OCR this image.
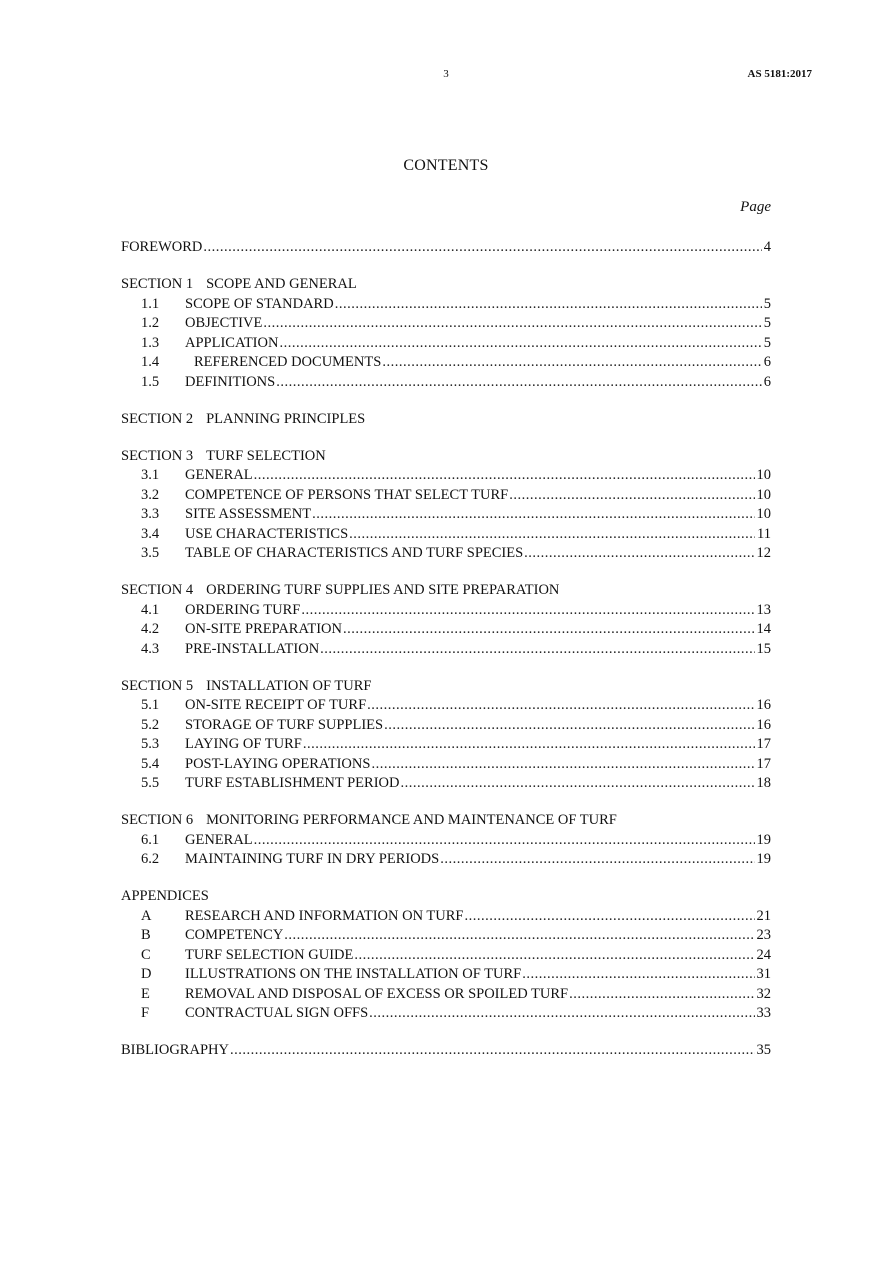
3	AS 5181:2017
CONTENTS
Page
FOREWORD .....	4
SECTION 1 SCOPE AND GENERAL
1.1	SCOPE OF STANDARD .....	5
1.2	OBJECTIVE .....	5
1.3	APPLICATION .....	5
1.4	REFERENCED DOCUMENTS .....	6
1.5	DEFINITIONS .....	6
SECTION 2 PLANNING PRINCIPLES
SECTION 3 TURF SELECTION
3.1	GENERAL .....	10
3.2	COMPETENCE OF PERSONS THAT SELECT TURF .....	10
3.3	SITE ASSESSMENT .....	10
3.4	USE CHARACTERISTICS .....	11
3.5	TABLE OF CHARACTERISTICS AND TURF SPECIES .....	12
SECTION 4 ORDERING TURF SUPPLIES AND SITE PREPARATION
4.1	ORDERING TURF .....	13
4.2	ON-SITE PREPARATION .....	14
4.3	PRE-INSTALLATION .....	15
SECTION 5 INSTALLATION OF TURF
5.1	ON-SITE RECEIPT OF TURF .....	16
5.2	STORAGE OF TURF SUPPLIES .....	16
5.3	LAYING OF TURF .....	17
5.4	POST-LAYING OPERATIONS .....	17
5.5	TURF ESTABLISHMENT PERIOD .....	18
SECTION 6 MONITORING PERFORMANCE AND MAINTENANCE OF TURF
6.1	GENERAL .....	19
6.2	MAINTAINING TURF IN DRY PERIODS .....	19
APPENDICES
A	RESEARCH AND INFORMATION ON TURF .....	21
B	COMPETENCY .....	23
C	TURF SELECTION GUIDE .....	24
D	ILLUSTRATIONS ON THE INSTALLATION OF TURF .....	31
E	REMOVAL AND DISPOSAL OF EXCESS OR SPOILED TURF .....	32
F	CONTRACTUAL SIGN OFFS .....	33
BIBLIOGRAPHY .....	35
